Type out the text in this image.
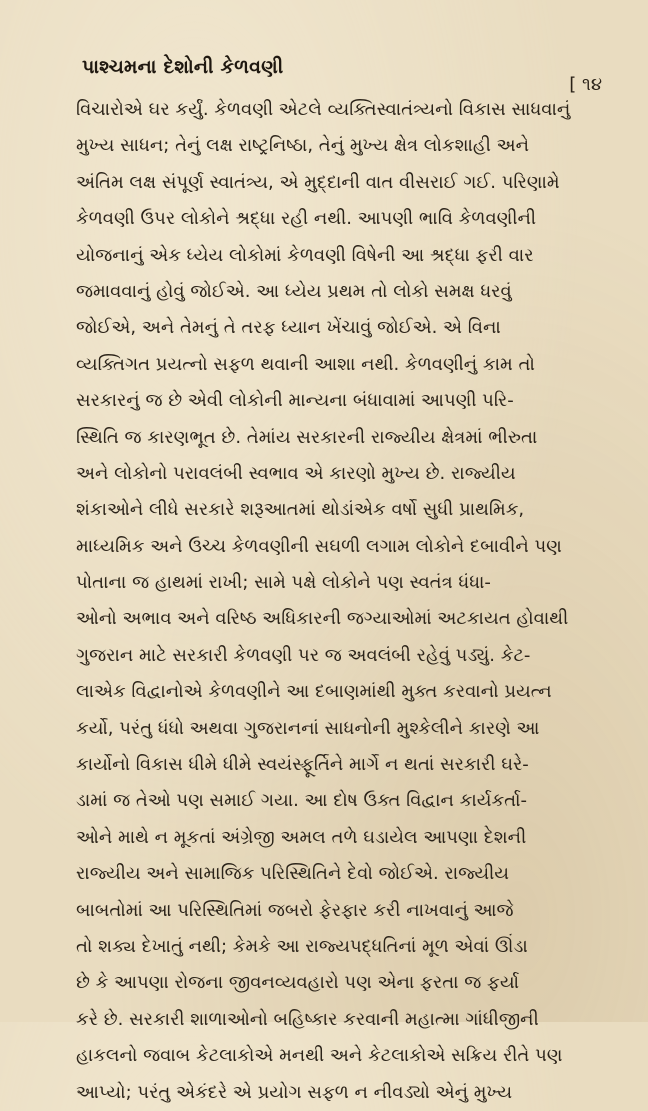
પાશ્ચમના દેશોની કેળવણી
[ ૧૪
વિચારોએ ઘર કર્યું. કેળવણી એટલે વ્યક્તિસ્વાતંત્ર્યનો વિકાસ સાધવાનું
મુખ્ય સાધન; તેનું લક્ષ રાષ્ટ્રનિષ્ઠા, તેનું મુખ્ય ક્ષેત્ર લોકશાહી અને
અંતિમ લક્ષ સંપૂર્ણ સ્વાતંત્ર્ય, એ મુદ્દાની વાત વીસરાઈ ગઈ. પરિણામે
કેળવણી ઉપર લોકોને શ્રદ્ધા રહી નથી. આપણી ભાવિ કેળવણીની
યોજનાનું એક ધ્યેય લોકોમાં કેળવણી વિષેની આ શ્રદ્ધા ફરી વાર
જમાવવાનું હોવું જોઈએ. આ ધ્યેય પ્રથમ તો લોકો સમક્ષ ધરવું
જોઈએ, અને તેમનું તે તરફ ધ્યાન ખેંચાવું જોઈએ. એ વિના
વ્યક્તિગત પ્રયત્નો સફળ થવાની આશા નથી. કેળવણીનું કામ તો
સરકારનું જ છે એવી લોકોની માન્યના બંધાવામાં આપણી પરિ-
સ્થિતિ જ કારણભૂત છે. તેમાંય સરકારની રાજ્યીય ક્ષેત્રમાં ભીરુતા
અને લોકોનો પરાવલંબી સ્વભાવ એ કારણો મુખ્ય છે. રાજ્યીય
શંકાઓને લીધે સરકારે શરૂઆતમાં થોડાંએક વર્ષો સુધી પ્રાથમિક,
માધ્યમિક અને ઉચ્ચ કેળવણીની સઘળી લગામ લોકોને દબાવીને પણ
પોતાના જ હાથમાં રાખી; સામે પક્ષે લોકોને પણ સ્વતંત્ર ધંધા-
ઓનો અભાવ અને વરિષ્ઠ અધિકારની જગ્યાઓમાં અટકાયત હોવાથી
ગુજરાન માટે સરકારી કેળવણી પર જ અવલંબી રહેવું પડ્યું. કેટ-
લાએક વિદ્વાનોએ કેળવણીને આ દબાણમાંથી મુક્ત કરવાનો પ્રયત્ન
કર્યો, પરંતુ ધંધો અથવા ગુજરાનનાં સાધનોની મુશ્કેલીને કારણે આ
કાર્યોનો વિકાસ ધીમે ધીમે સ્વયંસ્ફૂર્તિને માર્ગે ન થતાં સરકારી ઘરે-
ડામાં જ તેઓ પણ સમાઈ ગયા. આ દોષ ઉક્ત વિદ્વાન કાર્યકર્તા-
ઓને માથે ન મૂકતાં અંગ્રેજી અમલ તળે ઘડાયેલ આપણા દેશની
રાજ્યીય અને સામાજિક પરિસ્થિતિને દેવો જોઈએ. રાજ્યીય
બાબતોમાં આ પરિસ્થિતિમાં જબરો ફેરફાર કરી નાખવાનું આજે
તો શક્ય દેખાતું નથી; કેમકે આ રાજ્યપદ્ધતિનાં મૂળ એવાં ઊંડા
છે કે આપણા રોજના જીવનવ્યવહારો પણ એના ફરતા જ ફર્યા
કરે છે. સરકારી શાળાઓનો બહિષ્કાર કરવાની મહાત્મા ગાંધીજીની
હાકલનો જવાબ કેટલાકોએ મનથી અને કેટલાકોએ સક્રિય રીતે પણ
આપ્યો; પરંતુ એકંદરે એ પ્રયોગ સફળ ન નીવડ્યો એનું મુખ્ય
